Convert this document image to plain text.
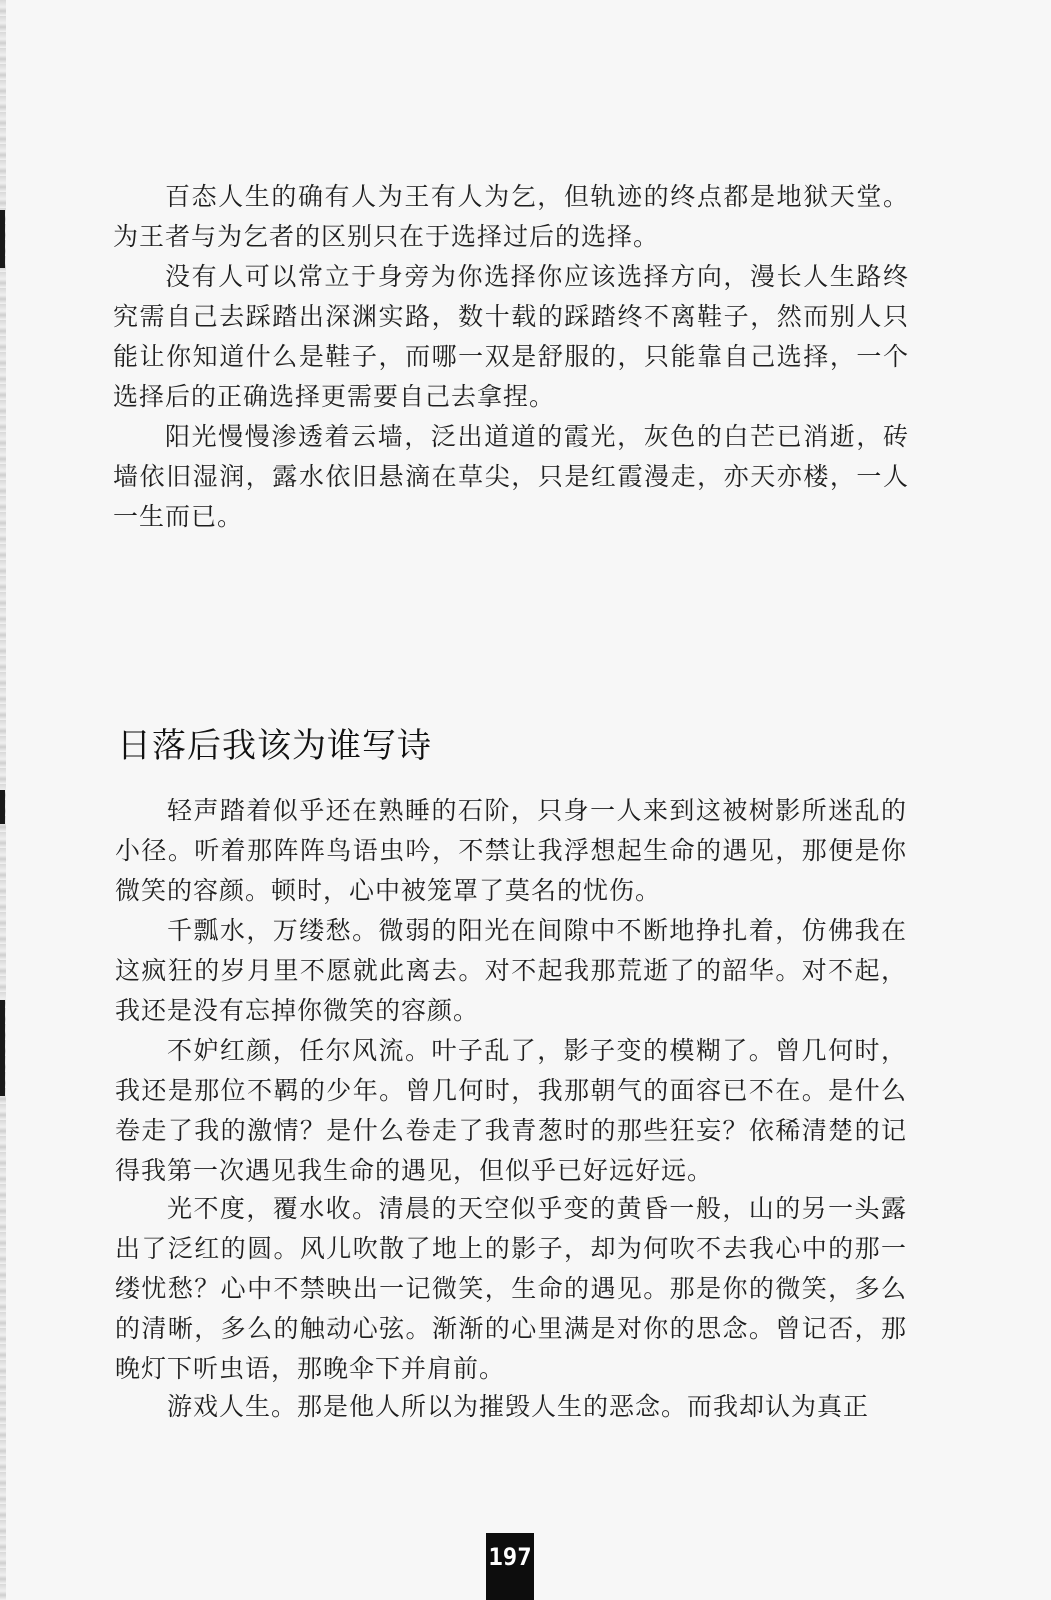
百态人生的确有人为王有人为乞，但轨迹的终点都是地狱天堂。为王者与为乞者的区别只在于选择过后的选择。

没有人可以常立于身旁为你选择你应该选择方向，漫长人生路终究需自己去踩踏出深渊实路，数十载的踩踏终不离鞋子，然而别人只能让你知道什么是鞋子，而哪一双是舒服的，只能靠自己选择，一个选择后的正确选择更需要自己去拿捏。

阳光慢慢渗透着云墙，泛出道道的霞光，灰色的白芒已消逝，砖墙依旧湿润，露水依旧悬滴在草尖，只是红霞漫走，亦天亦楼，一人一生而已。

日落后我该为谁写诗

轻声踏着似乎还在熟睡的石阶，只身一人来到这被树影所迷乱的小径。听着那阵阵鸟语虫吟，不禁让我浮想起生命的遇见，那便是你微笑的容颜。顿时，心中被笼罩了莫名的忧伤。

千瓢水，万缕愁。微弱的阳光在间隙中不断地挣扎着，仿佛我在这疯狂的岁月里不愿就此离去。对不起我那荒逝了的韶华。对不起，我还是没有忘掉你微笑的容颜。

不妒红颜，任尔风流。叶子乱了，影子变的模糊了。曾几何时，我还是那位不羁的少年。曾几何时，我那朝气的面容已不在。是什么卷走了我的激情？是什么卷走了我青葱时的那些狂妄？依稀清楚的记得我第一次遇见我生命的遇见，但似乎已好远好远。

光不度，覆水收。清晨的天空似乎变的黄昏一般，山的另一头露出了泛红的圆。风儿吹散了地上的影子，却为何吹不去我心中的那一缕忧愁？心中不禁映出一记微笑，生命的遇见。那是你的微笑，多么的清晰，多么的触动心弦。渐渐的心里满是对你的思念。曾记否，那晚灯下听虫语，那晚伞下并肩前。

游戏人生。那是他人所以为摧毁人生的恶念。而我却认为真正

197
